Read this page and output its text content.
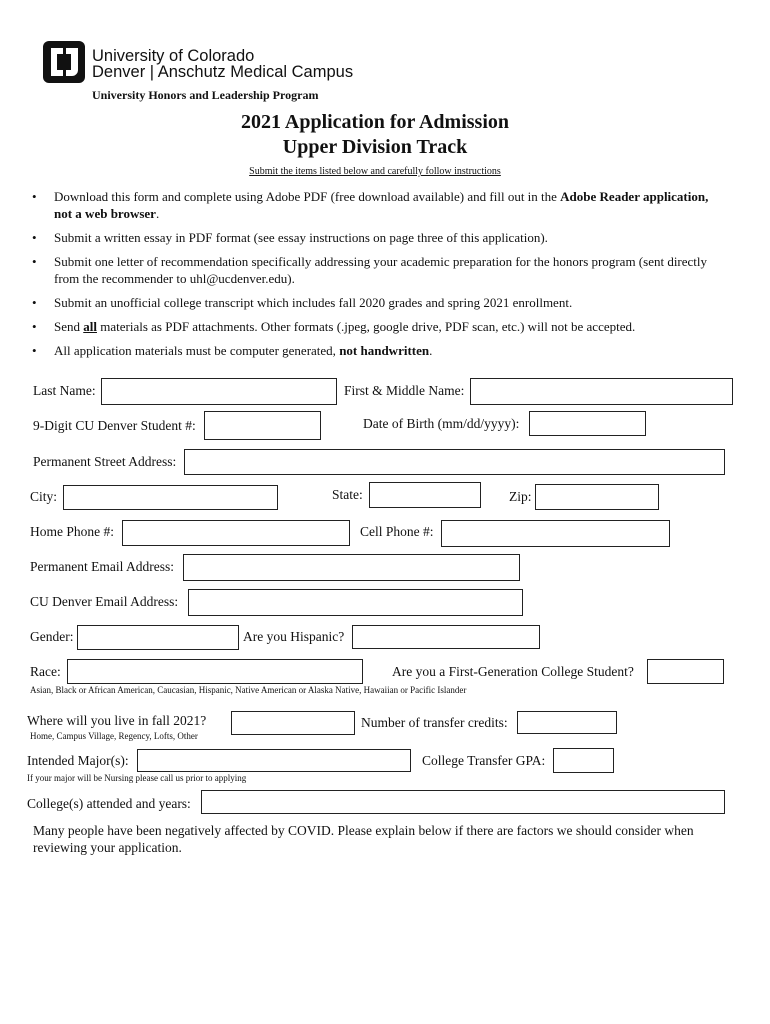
University of Colorado
Denver | Anschutz Medical Campus
University Honors and Leadership Program
2021 Application for Admission
Upper Division Track
Submit the items listed below and carefully follow instructions
• Download this form and complete using Adobe PDF (free download available) and fill out in the Adobe Reader application, not a web browser.
• Submit a written essay in PDF format (see essay instructions on page three of this application).
• Submit one letter of recommendation specifically addressing your academic preparation for the honors program (sent directly from the recommender to uhl@ucdenver.edu).
• Submit an unofficial college transcript which includes fall 2020 grades and spring 2021 enrollment.
• Send all materials as PDF attachments. Other formats (.jpeg, google drive, PDF scan, etc.) will not be accepted.
• All application materials must be computer generated, not handwritten.
Last Name:	First & Middle Name:
9-Digit CU Denver Student #:	Date of Birth (mm/dd/yyyy):
Permanent Street Address:
City:	State:	Zip:
Home Phone #:	Cell Phone #:
Permanent Email Address:
CU Denver Email Address:
Gender:	Are you Hispanic?
Race:
Asian, Black or African American, Caucasian, Hispanic, Native American or Alaska Native, Hawaiian or Pacific Islander
Are you a First-Generation College Student?
Where will you live in fall 2021?
Home, Campus Village, Regency, Lofts, Other
Number of transfer credits:
Intended Major(s):
If your major will be Nursing please call us prior to applying
College Transfer GPA:
College(s) attended and years:
Many people have been negatively affected by COVID. Please explain below if there are factors we should consider when reviewing your application.
